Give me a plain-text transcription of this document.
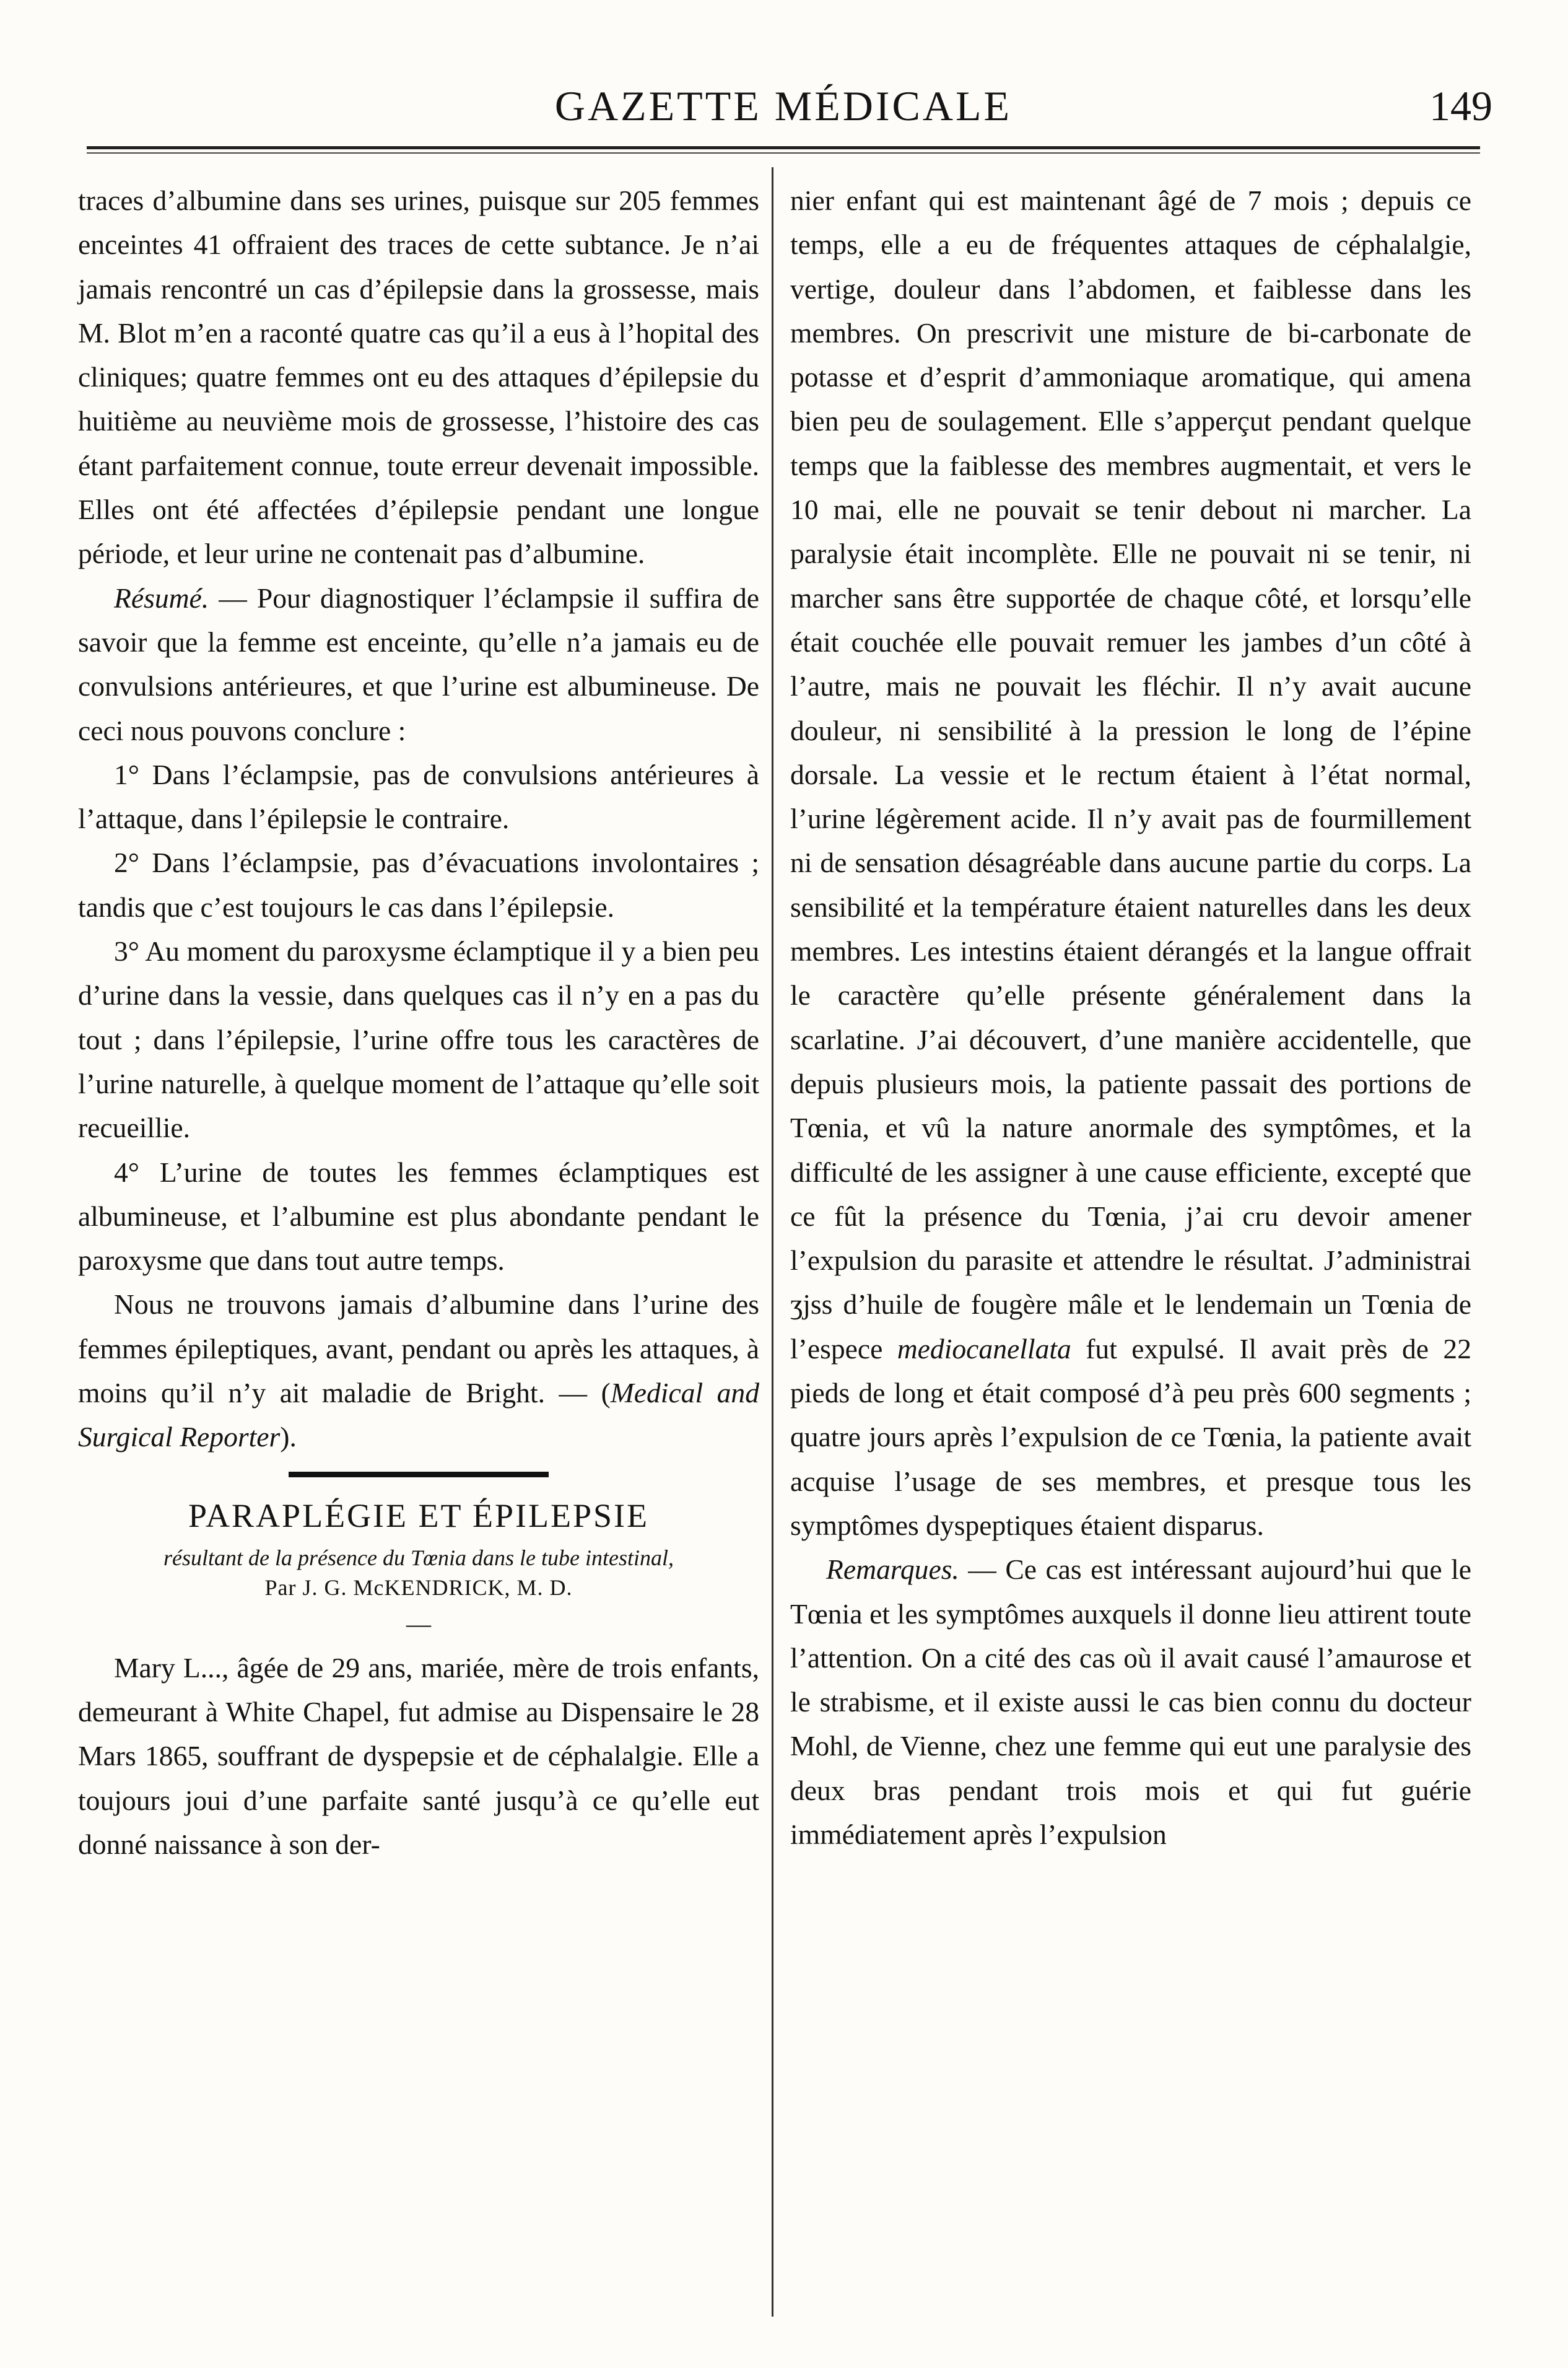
GAZETTE MÉDICALE	149

traces d’albumine dans ses urines, puisque sur 205 femmes enceintes 41 offraient des traces de cette subtance. Je n’ai jamais rencontré un cas d’épilepsie dans la grossesse, mais M. Blot m’en a raconté quatre cas qu’il a eus à l’hopital des cliniques; quatre femmes ont eu des attaques d’épilepsie du huitième au neuvième mois de grossesse, l’histoire des cas étant parfaitement connue, toute erreur devenait impossible. Elles ont été affectées d’épilepsie pendant une longue période, et leur urine ne contenait pas d’albumine.

Résumé. — Pour diagnostiquer l’éclampsie il suffira de savoir que la femme est enceinte, qu’elle n’a jamais eu de convulsions antérieures, et que l’urine est albumineuse. De ceci nous pouvons conclure :

1° Dans l’éclampsie, pas de convulsions antérieures à l’attaque, dans l’épilepsie le contraire.

2° Dans l’éclampsie, pas d’évacuations involontaires ; tandis que c’est toujours le cas dans l’épilepsie.

3° Au moment du paroxysme éclamptique il y a bien peu d’urine dans la vessie, dans quelques cas il n’y en a pas du tout ; dans l’épilepsie, l’urine offre tous les caractères de l’urine naturelle, à quelque moment de l’attaque qu’elle soit recueillie.

4° L’urine de toutes les femmes éclamptiques est albumineuse, et l’albumine est plus abondante pendant le paroxysme que dans tout autre temps.

Nous ne trouvons jamais d’albumine dans l’urine des femmes épileptiques, avant, pendant ou après les attaques, à moins qu’il n’y ait maladie de Bright. — (Medical and Surgical Reporter).

PARAPLÉGIE ET ÉPILEPSIE
résultant de la présence du Tœnia dans le tube intestinal,
Par J. G. McKENDRICK, M. D.
—

Mary L..., âgée de 29 ans, mariée, mère de trois enfants, demeurant à White Chapel, fut admise au Dispensaire le 28 Mars 1865, souffrant de dyspepsie et de céphalalgie. Elle a toujours joui d’une parfaite santé jusqu’à ce qu’elle eut donné naissance à son der-

nier enfant qui est maintenant âgé de 7 mois ; depuis ce temps, elle a eu de fréquentes attaques de céphalalgie, vertige, douleur dans l’abdomen, et faiblesse dans les membres. On prescrivit une misture de bi-carbonate de potasse et d’esprit d’ammoniaque aromatique, qui amena bien peu de soulagement. Elle s’apperçut pendant quelque temps que la faiblesse des membres augmentait, et vers le 10 mai, elle ne pouvait se tenir debout ni marcher. La paralysie était incomplète. Elle ne pouvait ni se tenir, ni marcher sans être supportée de chaque côté, et lorsqu’elle était couchée elle pouvait remuer les jambes d’un côté à l’autre, mais ne pouvait les fléchir. Il n’y avait aucune douleur, ni sensibilité à la pression le long de l’épine dorsale. La vessie et le rectum étaient à l’état normal, l’urine légèrement acide. Il n’y avait pas de fourmillement ni de sensation désagréable dans aucune partie du corps. La sensibilité et la température étaient naturelles dans les deux membres. Les intestins étaient dérangés et la langue offrait le caractère qu’elle présente généralement dans la scarlatine. J’ai découvert, d’une manière accidentelle, que depuis plusieurs mois, la patiente passait des portions de Tœnia, et vû la nature anormale des symptômes, et la difficulté de les assigner à une cause efficiente, excepté que ce fût la présence du Tœnia, j’ai cru devoir amener l’expulsion du parasite et attendre le résultat. J’administrai ʒjss d’huile de fougère mâle et le lendemain un Tœnia de l’espece mediocanellata fut expulsé. Il avait près de 22 pieds de long et était composé d’à peu près 600 segments ; quatre jours après l’expulsion de ce Tœnia, la patiente avait acquise l’usage de ses membres, et presque tous les symptômes dyspeptiques étaient disparus.

Remarques. — Ce cas est intéressant aujourd’hui que le Tœnia et les symptômes auxquels il donne lieu attirent toute l’attention. On a cité des cas où il avait causé l’amaurose et le strabisme, et il existe aussi le cas bien connu du docteur Mohl, de Vienne, chez une femme qui eut une paralysie des deux bras pendant trois mois et qui fut guérie immédiatement après l’expulsion
